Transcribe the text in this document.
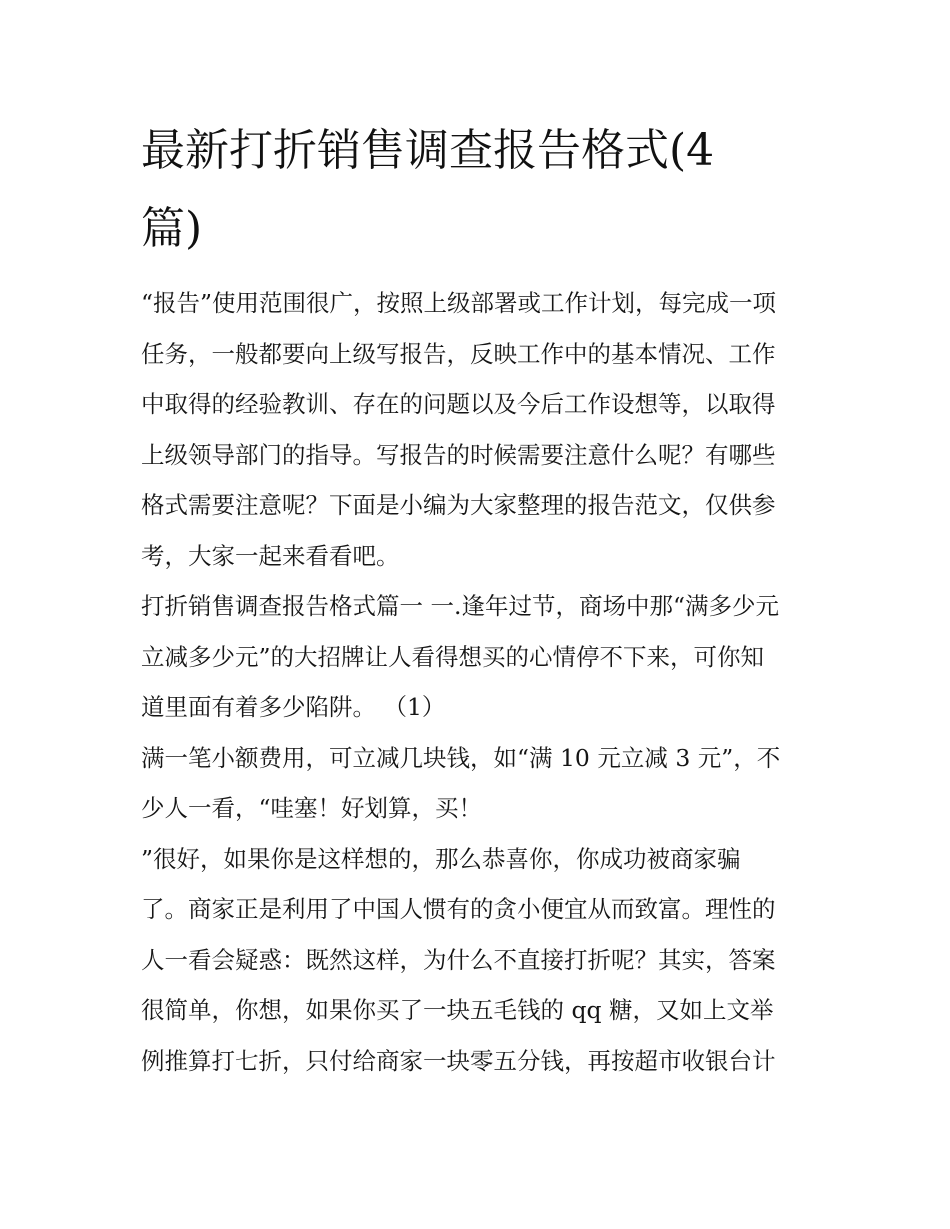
最新打折销售调查报告格式(4
篇)
“报告”使用范围很广，按照上级部署或工作计划，每完成一项
任务，一般都要向上级写报告，反映工作中的基本情况、工作
中取得的经验教训、存在的问题以及今后工作设想等，以取得
上级领导部门的指导。写报告的时候需要注意什么呢？有哪些
格式需要注意呢？下面是小编为大家整理的报告范文，仅供参
考，大家一起来看看吧。
打折销售调查报告格式篇一 一.逢年过节，商场中那“满多少元
立减多少元”的大招牌让人看得想买的心情停不下来，可你知
道里面有着多少陷阱。 （1）
满一笔小额费用，可立减几块钱，如“满 10 元立减 3 元”，不
少人一看，“哇塞！好划算，买！
”很好，如果你是这样想的，那么恭喜你，你成功被商家骗
了。商家正是利用了中国人惯有的贪小便宜从而致富。理性的
人一看会疑惑：既然这样，为什么不直接打折呢？其实，答案
很简单，你想，如果你买了一块五毛钱的 qq 糖，又如上文举
例推算打七折，只付给商家一块零五分钱，再按超市收银台计
